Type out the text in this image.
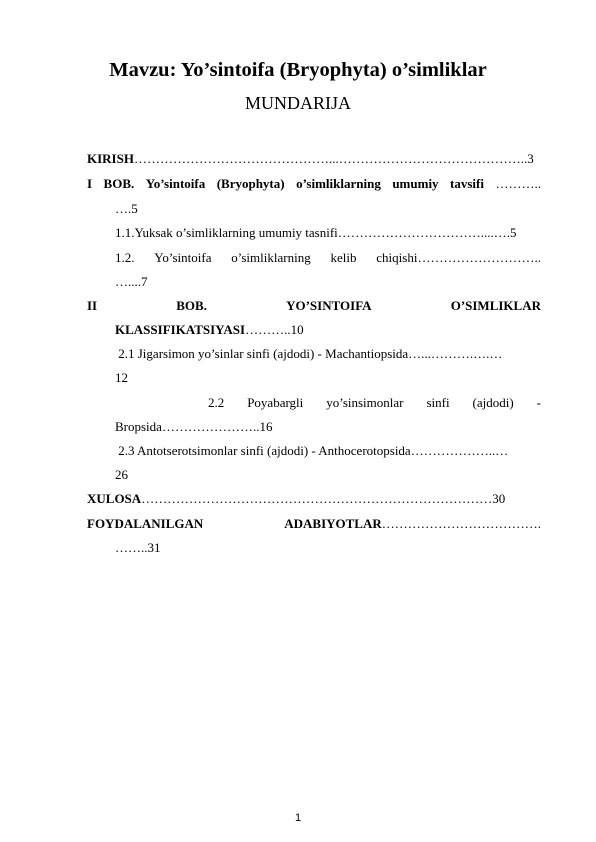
Mavzu: Yo’sintoifa (Bryophyta) o’simliklar
MUNDARIJA
KIRISH………………………………………...……………………………………..3
I BOB. Yo’sintoifa (Bryophyta) o’simliklarning umumiy tavsifi ………..
….5
1.1.Yuksak o’simliklarning umumiy tasnifi……………………………....….5
1.2. Yo’sintoifa o’simliklarning kelib chiqishi………………………..
…....7
II	BOB.	YO’SINTOIFA	O’SIMLIKLAR
KLASSIFIKATSIYASI………..10
2.1 Jigarsimon yo’sinlar sinfi (ajdodi) - Machantiopsida…...……….….…
12
2.2 Poyabargli yo’sinsimonlar sinfi (ajdodi) -
Bropsida…………………..16
2.3 Antotserotsimonlar sinfi (ajdodi) - Anthocerotopsida………………..…
26
XULOSA………………………………………………………………………30
FOYDALANILGAN	ADABIYOTLAR……………………………….
……..31
1
